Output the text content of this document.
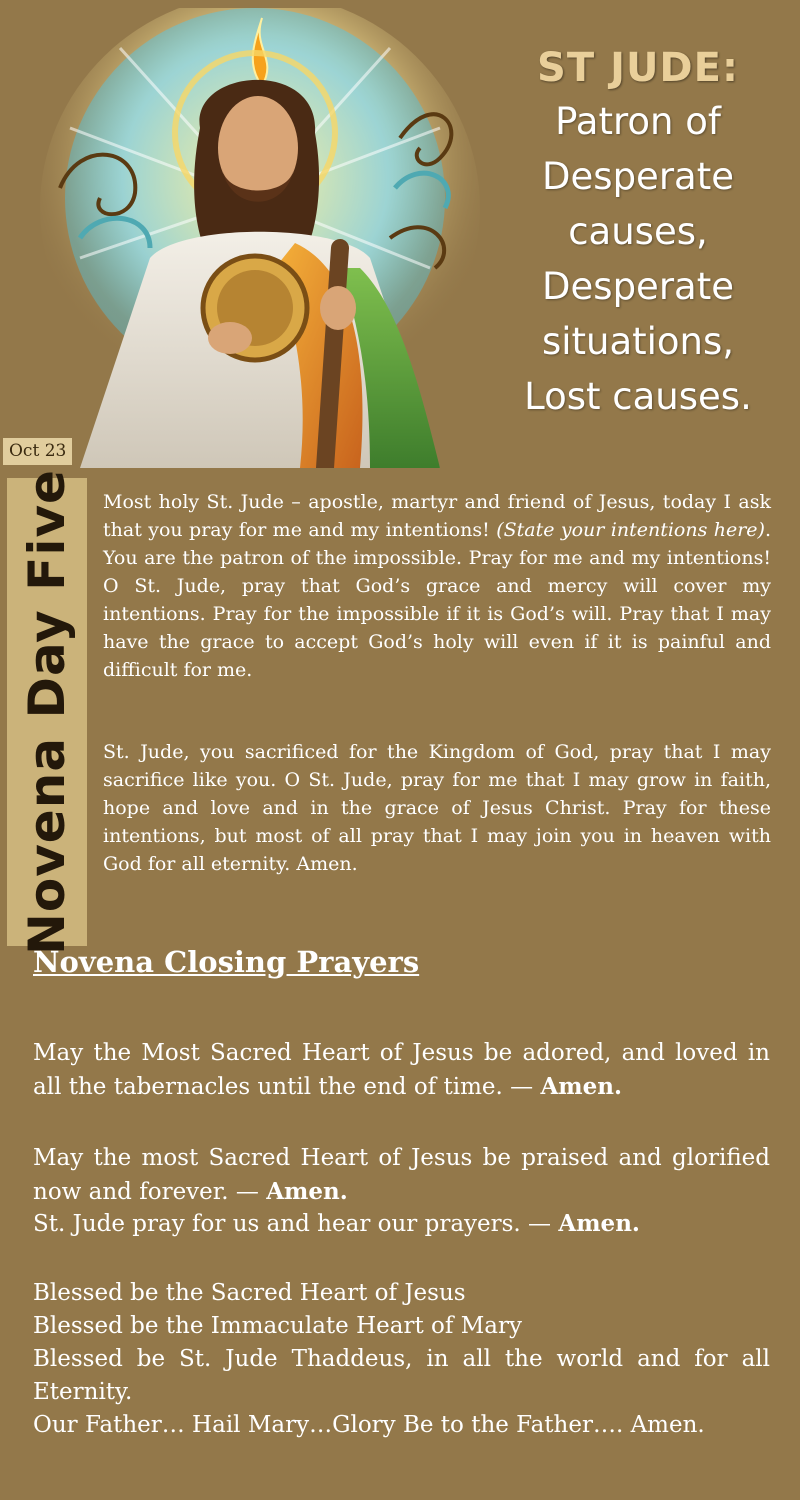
ST JUDE:
Patron of
Desperate
causes,
Desperate
situations,
Lost causes.
Oct 23
Novena Day Five Most holy St. Jude – apostle, martyr and friend of Jesus, today I ask that you pray for me and my intentions! (State your intentions here). You are the patron of the impossible. Pray for me and my intentions! O St. Jude, pray that God’s grace and mercy will cover my intentions. Pray for the impossible if it is God’s will. Pray that I may have the grace to accept God’s holy will even if it is painful and difficult for me.

St. Jude, you sacrificed for the Kingdom of God, pray that I may sacrifice like you. O St. Jude, pray for me that I may grow in faith, hope and love and in the grace of Jesus Christ. Pray for these intentions, but most of all pray that I may join you in heaven with God for all eternity. Amen.

Novena Closing Prayers

May the Most Sacred Heart of Jesus be adored, and loved in all the tabernacles until the end of time. — Amen.

May the most Sacred Heart of Jesus be praised and glorified now and forever. — Amen.

St. Jude pray for us and hear our prayers. — Amen.

Blessed be the Sacred Heart of Jesus

Blessed be the Immaculate Heart of Mary

Blessed be St. Jude Thaddeus, in all the world and for all Eternity.

Our Father… Hail Mary…Glory Be to the Father…. Amen.
